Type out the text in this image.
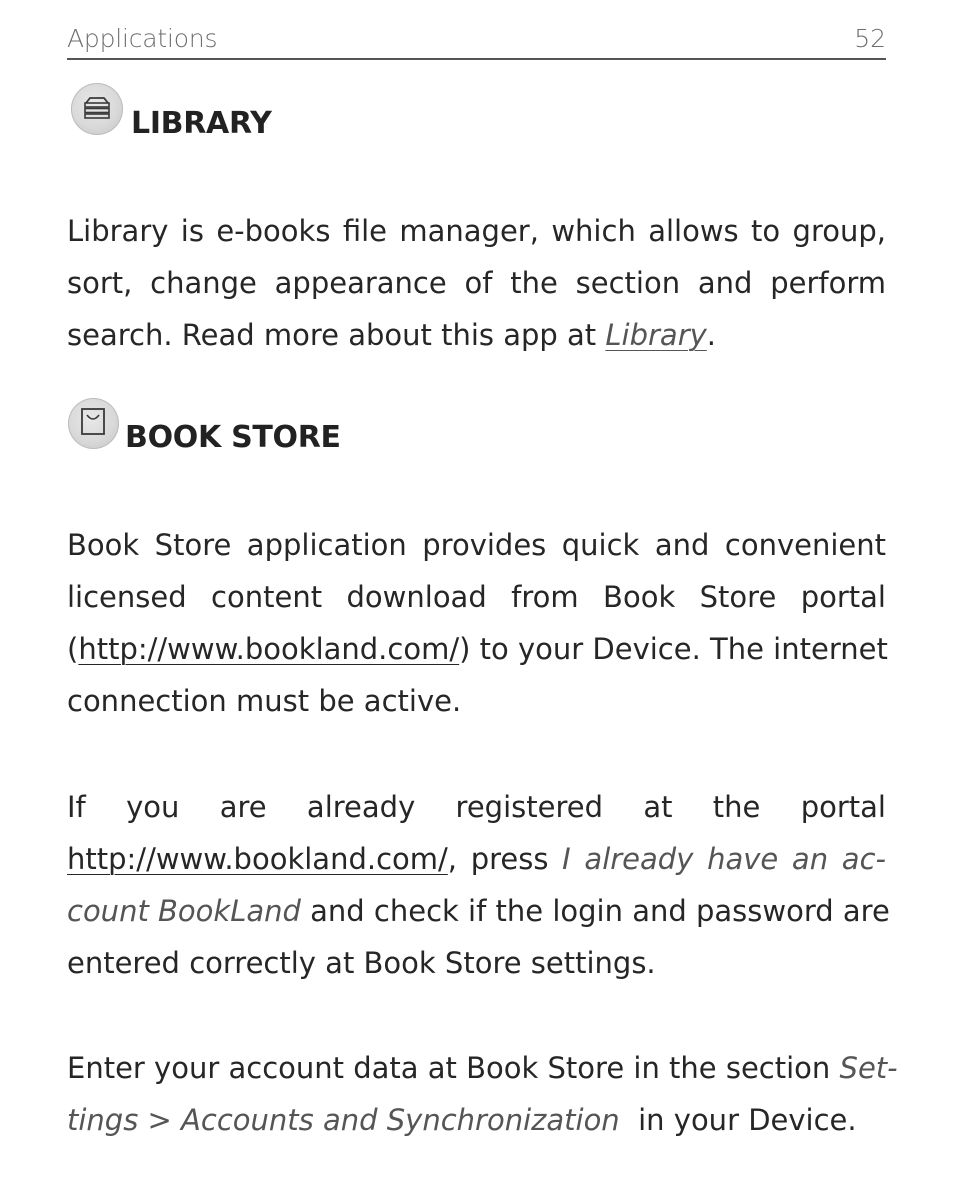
Applications	52
LIBRARY
Library is e-books file manager, which allows to group,
sort, change appearance of the section and perform
search. Read more about this app at Library.
BOOK STORE
Book Store application provides quick and convenient
licensed content download from Book Store portal
(http://www.bookland.com/) to your Device. The internet
connection must be active.
If you are already registered at the portal
http://www.bookland.com/, press I already have an ac-
count BookLand and check if the login and password are
entered correctly at Book Store settings.
Enter your account data at Book Store in the section Set-
tings > Accounts and Synchronization  in your Device.
